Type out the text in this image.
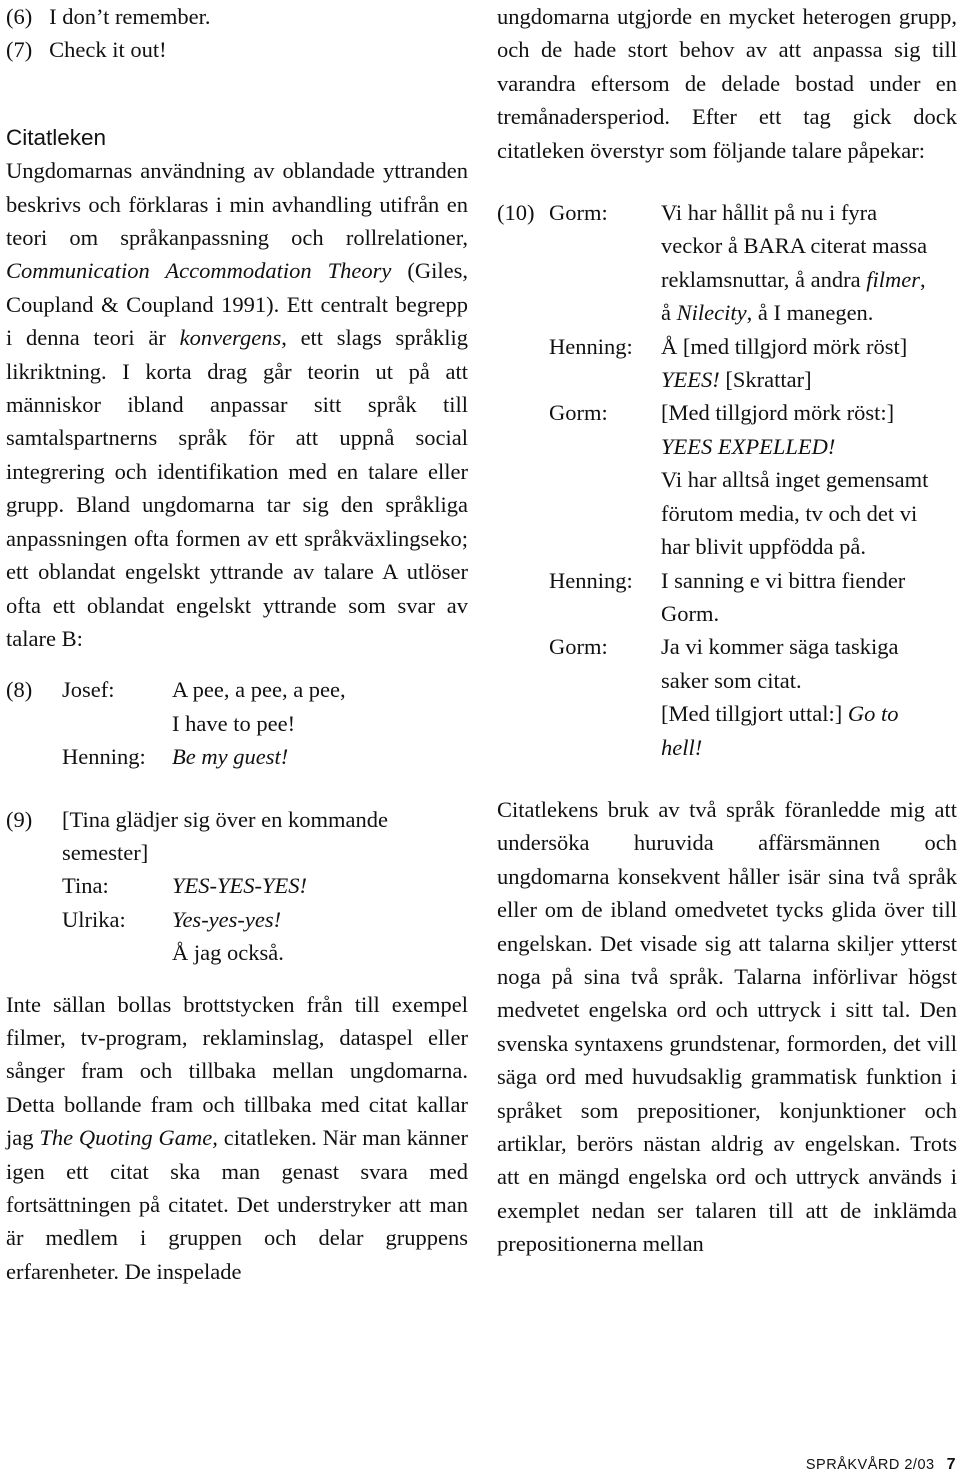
(6)   I don’t remember.

(7)   Check it out!

Citatleken

Ungdomarnas användning av oblandade yttranden beskrivs och förklaras i min avhandling utifrån en teori om språkanpassning och rollrelationer, Communication Accommodation Theory (Giles, Coupland & Coupland 1991). Ett centralt begrepp i denna teori är konvergens, ett slags språklig likriktning. I korta drag går teorin ut på att människor ibland anpassar sitt språk till samtalspartnerns språk för att uppnå social integrering och identifikation med en talare eller grupp. Bland ungdomarna tar sig den språkliga anpassningen ofta formen av ett språkväxlingseko; ett oblandat engelskt yttrande av talare A utlöser ofta ett oblandat engelskt yttrande som svar av talare B:

(8)	Josef:	A pee, a pee, a pee,
I have to pee!
Henning:	Be my guest!
(9)	[Tina glädjer sig över en kommande semester]
Tina:	YES-YES-YES!
Ulrika:	Yes-yes-yes!
Å jag också.

Inte sällan bollas brottstycken från till exempel filmer, tv-program, reklaminslag, dataspel eller sånger fram och tillbaka mellan ungdomarna. Detta bollande fram och tillbaka med citat kallar jag The Quoting Game, citatleken. När man känner igen ett citat ska man genast svara med fortsättningen på citatet. Det understryker att man är medlem i gruppen och delar gruppens erfarenheter. De inspelade

ungdomarna utgjorde en mycket heterogen grupp, och de hade stort behov av att anpassa sig till varandra eftersom de delade bostad under en tremånadersperiod. Efter ett tag gick dock citatleken överstyr som följande talare påpekar:

(10) Gorm:	Vi har hållit på nu i fyra veckor å BARA citerat massa reklamsnuttar, å andra filmer, å Nilecity, å I manegen.
Henning:	Å [med tillgjord mörk röst] YEES! [Skrattar]
Gorm:	[Med tillgjord mörk röst:] YEES EXPELLED!
Vi har alltså inget gemensamt förutom media, tv och det vi har blivit uppfödda på.
Henning:	I sanning e vi bittra fiender Gorm.
Gorm:	Ja vi kommer säga taskiga saker som citat.
[Med tillgjort uttal:] Go to hell!

Citatlekens bruk av två språk föranledde mig att undersöka huruvida affärsmännen och ungdomarna konsekvent håller isär sina två språk eller om de ibland omedvetet tycks glida över till engelskan. Det visade sig att talarna skiljer ytterst noga på sina två språk. Talarna införlivar högst medvetet engelska ord och uttryck i sitt tal. Den svenska syntaxens grundstenar, formorden, det vill säga ord med huvudsaklig grammatisk funktion i språket som prepositioner, konjunktioner och artiklar, berörs nästan aldrig av engelskan. Trots att en mängd engelska ord och uttryck används i exemplet nedan ser talaren till att de inklämda prepositionerna mellan

SPRÅKVÅRD 2/03 7
